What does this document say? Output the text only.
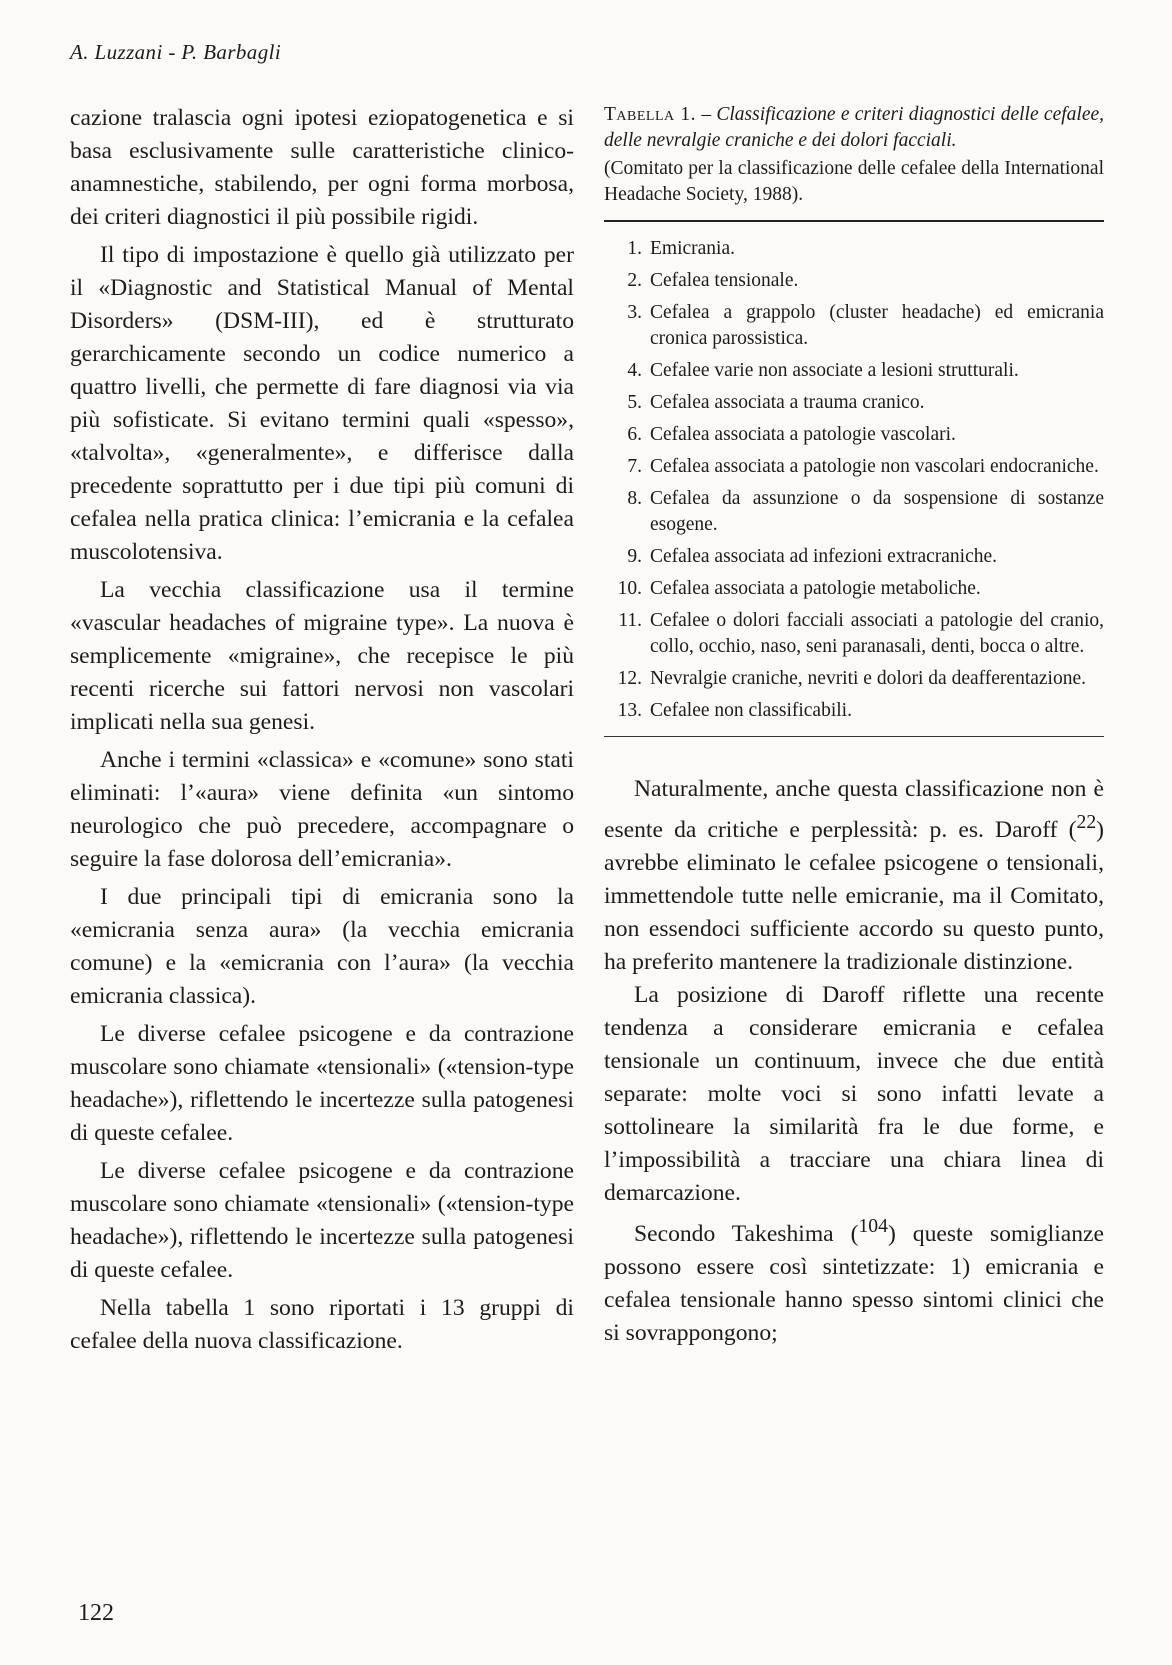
A. Luzzani - P. Barbagli

cazione tralascia ogni ipotesi eziopatogenetica e si basa esclusivamente sulle caratteristiche clinico-anamnestiche, stabilendo, per ogni forma morbosa, dei criteri diagnostici il più possibile rigidi.

Il tipo di impostazione è quello già utilizzato per il «Diagnostic and Statistical Manual of Mental Disorders» (DSM-III), ed è strutturato gerarchicamente secondo un codice numerico a quattro livelli, che permette di fare diagnosi via via più sofisticate. Si evitano termini quali «spesso», «talvolta», «generalmente», e differisce dalla precedente soprattutto per i due tipi più comuni di cefalea nella pratica clinica: l’emicrania e la cefalea muscolotensiva.

La vecchia classificazione usa il termine «vascular headaches of migraine type». La nuova è semplicemente «migraine», che recepisce le più recenti ricerche sui fattori nervosi non vascolari implicati nella sua genesi.

Anche i termini «classica» e «comune» sono stati eliminati: l’«aura» viene definita «un sintomo neurologico che può precedere, accompagnare o seguire la fase dolorosa dell’emicrania».

I due principali tipi di emicrania sono la «emicrania senza aura» (la vecchia emicrania comune) e la «emicrania con l’aura» (la vecchia emicrania classica).

Le diverse cefalee psicogene e da contrazione muscolare sono chiamate «tensionali» («tension-type headache»), riflettendo le incertezze sulla patogenesi di queste cefalee.

Le diverse cefalee psicogene e da contrazione muscolare sono chiamate «tensionali» («tension-type headache»), riflettendo le incertezze sulla patogenesi di queste cefalee.

Nella tabella 1 sono riportati i 13 gruppi di cefalee della nuova classificazione.

Tabella 1. – Classificazione e criteri diagnostici delle cefalee, delle nevralgie craniche e dei dolori facciali.
(Comitato per la classificazione delle cefalee della International Headache Society, 1988).
1. Emicrania.
2. Cefalea tensionale.
3. Cefalea a grappolo (cluster headache) ed emicrania cronica parossistica.
4. Cefalee varie non associate a lesioni strutturali.
5. Cefalea associata a trauma cranico.
6. Cefalea associata a patologie vascolari.
7. Cefalea associata a patologie non vascolari endocraniche.
8. Cefalea da assunzione o da sospensione di sostanze esogene.
9. Cefalea associata ad infezioni extracraniche.
10. Cefalea associata a patologie metaboliche.
11. Cefalee o dolori facciali associati a patologie del cranio, collo, occhio, naso, seni paranasali, denti, bocca o altre.
12. Nevralgie craniche, nevriti e dolori da deafferentazione.
13. Cefalee non classificabili.

Naturalmente, anche questa classificazione non è esente da critiche e perplessità: p. es. Daroff ($^{22}$) avrebbe eliminato le cefalee psicogene o tensionali, immettendole tutte nelle emicranie, ma il Comitato, non essendoci sufficiente accordo su questo punto, ha preferito mantenere la tradizionale distinzione.

La posizione di Daroff riflette una recente tendenza a considerare emicrania e cefalea tensionale un continuum, invece che due entità separate: molte voci si sono infatti levate a sottolineare la similarità fra le due forme, e l’impossibilità a tracciare una chiara linea di demarcazione.

Secondo Takeshima ($^{104}$) queste somiglianze possono essere così sintetizzate: 1) emicrania e cefalea tensionale hanno spesso sintomi clinici che si sovrappongono;

122
